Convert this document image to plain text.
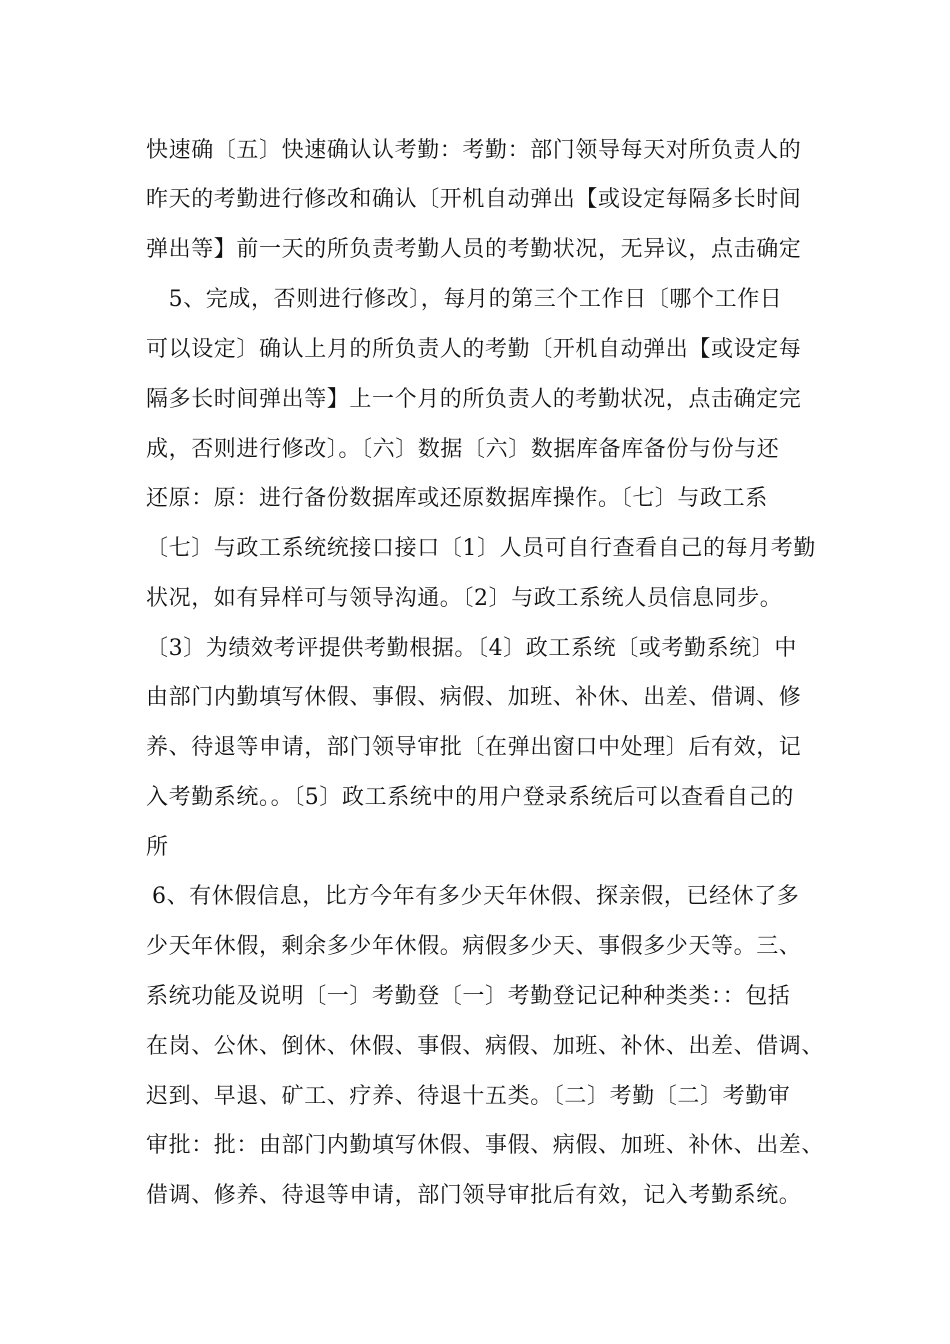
快速确〔五〕快速确认认考勤：考勤：部门领导每天对所负责人的
昨天的考勤进行修改和确认〔开机自动弹出【或设定每隔多长时间
弹出等】前一天的所负责考勤人员的考勤状况，无异议，点击确定
　5、完成，否则进行修改〕，每月的第三个工作日〔哪个工作日
可以设定〕确认上月的所负责人的考勤〔开机自动弹出【或设定每
隔多长时间弹出等】上一个月的所负责人的考勤状况，点击确定完
成，否则进行修改〕。〔六〕数据〔六〕数据库备库备份与份与还
还原：原：进行备份数据库或还原数据库操作。〔七〕与政工系
〔七〕与政工系统统接口接口〔1〕人员可自行查看自己的每月考勤
状况，如有异样可与领导沟通。〔2〕与政工系统人员信息同步。
〔3〕为绩效考评提供考勤根据。〔4〕政工系统〔或考勤系统〕中
由部门内勤填写休假、事假、病假、加班、补休、出差、借调、修
养、待退等申请，部门领导审批〔在弹出窗口中处理〕后有效，记
入考勤系统。。〔5〕政工系统中的用户登录系统后可以查看自己的
所
6、有休假信息，比方今年有多少天年休假、探亲假，已经休了多
少天年休假，剩余多少年休假。病假多少天、事假多少天等。三、
系统功能及说明〔一〕考勤登〔一〕考勤登记记种种类类：：包括
在岗、公休、倒休、休假、事假、病假、加班、补休、出差、借调、
迟到、早退、矿工、疗养、待退十五类。〔二〕考勤〔二〕考勤审
审批：批：由部门内勤填写休假、事假、病假、加班、补休、出差、
借调、修养、待退等申请，部门领导审批后有效，记入考勤系统。
